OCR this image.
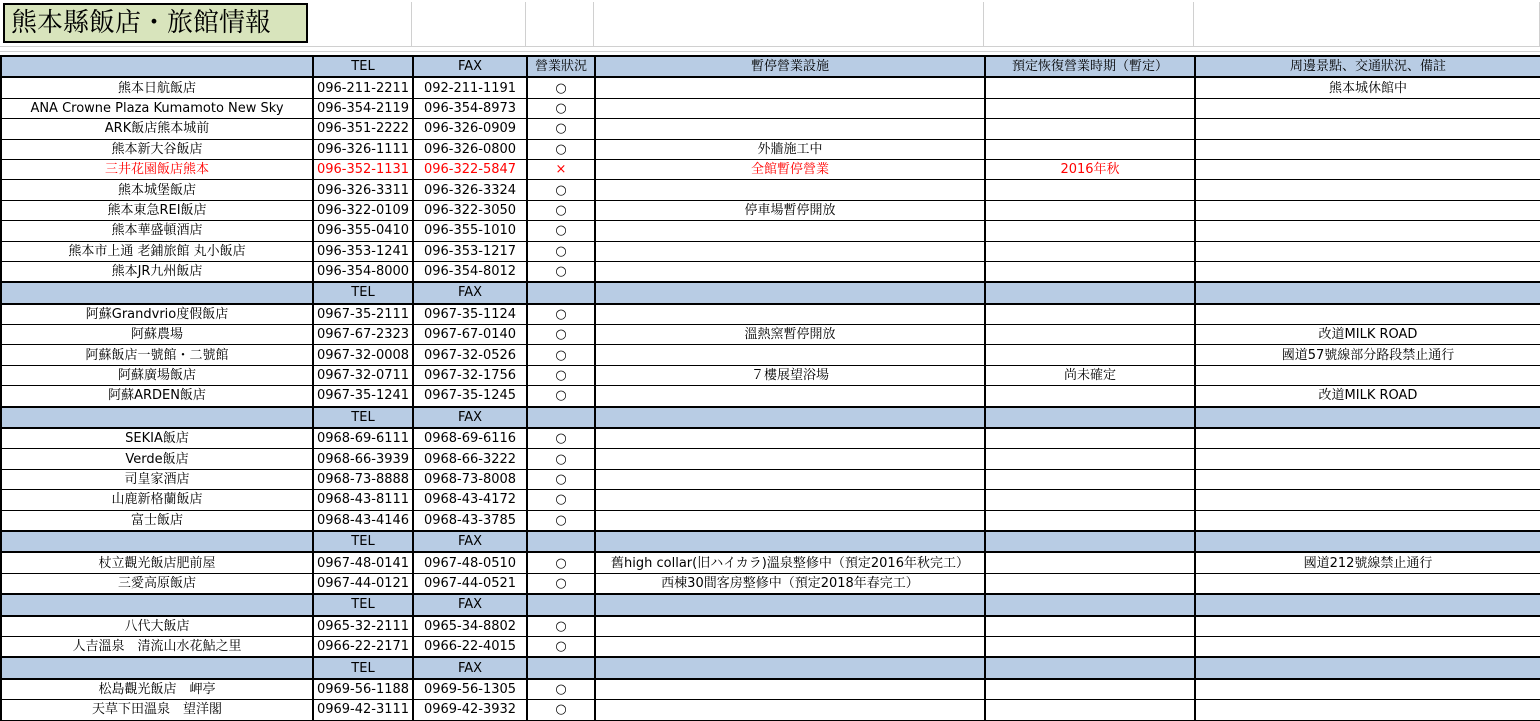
熊本縣飯店・旅館情報
	TEL	FAX	營業狀況	暫停營業設施	預定恢復營業時期（暫定）	周邊景點、交通狀況、備註
熊本日航飯店	096-211-2211	092-211-1191	○			熊本城休館中
ANA Crowne Plaza Kumamoto New Sky	096-354-2119	096-354-8973	○			
ARK飯店熊本城前	096-351-2222	096-326-0909	○			
熊本新大谷飯店	096-326-1111	096-326-0800	○	外牆施工中		
三井花園飯店熊本	096-352-1131	096-322-5847	×	全館暫停營業	2016年秋	
熊本城堡飯店	096-326-3311	096-326-3324	○			
熊本東急REI飯店	096-322-0109	096-322-3050	○	停車場暫停開放		
熊本華盛頓酒店	096-355-0410	096-355-1010	○			
熊本市上通 老鋪旅館 丸小飯店	096-353-1241	096-353-1217	○			
熊本JR九州飯店	096-354-8000	096-354-8012	○			
	TEL	FAX				
阿蘇Grandvrio度假飯店	0967-35-2111	0967-35-1124	○			
阿蘇農場	0967-67-2323	0967-67-0140	○	溫熱窯暫停開放		改道MILK ROAD
阿蘇飯店一號館・二號館	0967-32-0008	0967-32-0526	○			國道57號線部分路段禁止通行
阿蘇廣場飯店	0967-32-0711	0967-32-1756	○	７樓展望浴場	尚未確定	
阿蘇ARDEN飯店	0967-35-1241	0967-35-1245	○			改道MILK ROAD
	TEL	FAX				
SEKIA飯店	0968-69-6111	0968-69-6116	○			
Verde飯店	0968-66-3939	0968-66-3222	○			
司皇家酒店	0968-73-8888	0968-73-8008	○			
山鹿新格蘭飯店	0968-43-8111	0968-43-4172	○			
富士飯店	0968-43-4146	0968-43-3785	○			
	TEL	FAX				
杖立觀光飯店肥前屋	0967-48-0141	0967-48-0510	○	舊high collar(旧ハイカラ)溫泉整修中（預定2016年秋完工）		國道212號線禁止通行
三愛高原飯店	0967-44-0121	0967-44-0521	○	西棟30間客房整修中（預定2018年春完工）		
	TEL	FAX				
八代大飯店	0965-32-2111	0965-34-8802	○			
人吉溫泉　清流山水花鮎之里	0966-22-2171	0966-22-4015	○			
	TEL	FAX				
松島觀光飯店　岬亭	0969-56-1188	0969-56-1305	○			
天草下田溫泉　望洋閣	0969-42-3111	0969-42-3932	○			
